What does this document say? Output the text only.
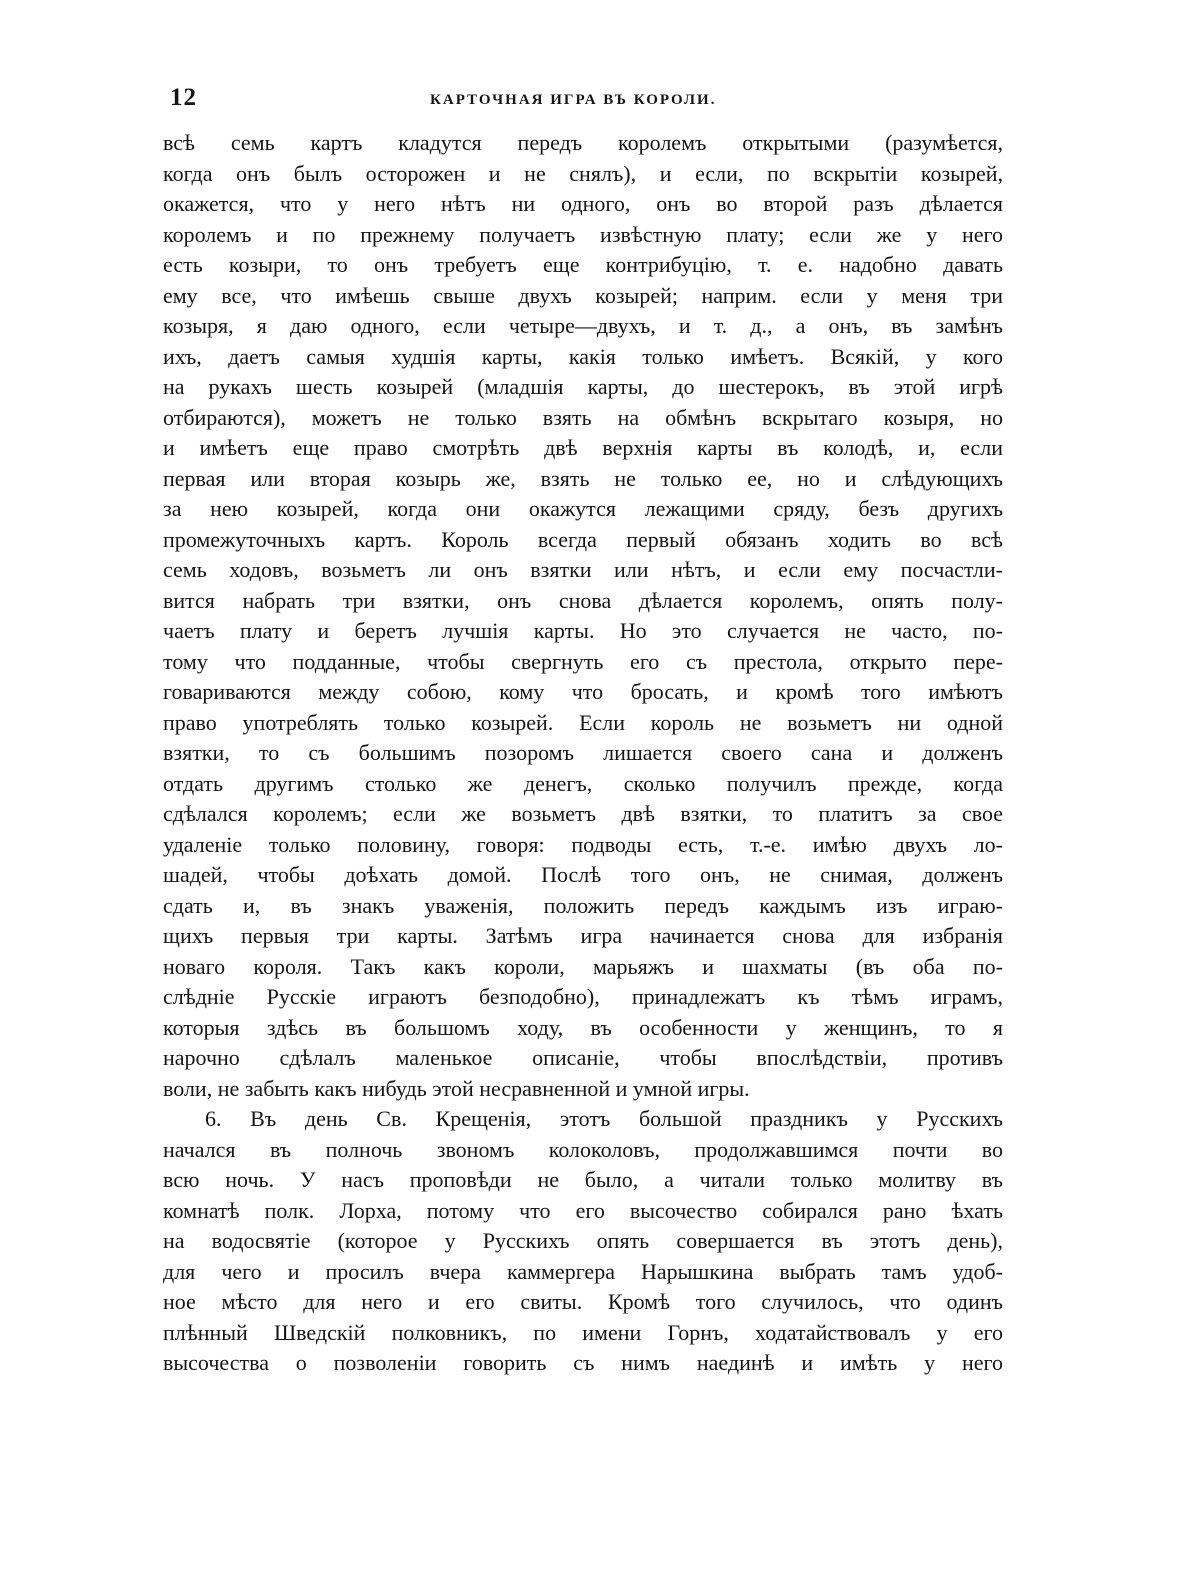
12	КАРТОЧНАЯ ИГРА ВЪ КОРОЛИ.
всѣ семь картъ кладутся передъ королемъ открытыми (разумѣется,
когда онъ былъ осторожен и не снялъ), и если, по вскрытіи козырей,
окажется, что у него нѣтъ ни одного, онъ во второй разъ дѣлается
королемъ и по прежнему получаетъ извѣстную плату; если же у него
есть козыри, то онъ требуетъ еще контрибуцію, т. е. надобно давать
ему все, что имѣешь свыше двухъ козырей; наприм. если у меня три
козыря, я даю одного, если четыре—двухъ, и т. д., а онъ, въ замѣнъ
ихъ, даетъ самыя худшія карты, какія только имѣетъ. Всякій, у кого
на рукахъ шесть козырей (младшія карты, до шестерокъ, въ этой игрѣ
отбираются), можетъ не только взять на обмѣнъ вскрытаго козыря, но
и имѣетъ еще право смотрѣть двѣ верхнія карты въ колодѣ, и, если
первая или вторая козырь же, взять не только ее, но и слѣдующихъ
за нею козырей, когда они окажутся лежащими сряду, безъ другихъ
промежуточныхъ картъ. Король всегда первый обязанъ ходить во всѣ
семь ходовъ, возьметъ ли онъ взятки или нѣтъ, и если ему посчастли-
вится набрать три взятки, онъ снова дѣлается королемъ, опять полу-
чаетъ плату и беретъ лучшія карты. Но это случается не часто, по-
тому что подданные, чтобы свергнуть его съ престола, открыто пере-
говариваются между собою, кому что бросать, и кромѣ того имѣютъ
право употреблять только козырей. Если король не возьметъ ни одной
взятки, то съ большимъ позоромъ лишается своего сана и долженъ
отдать другимъ столько же денегъ, сколько получилъ прежде, когда
сдѣлался королемъ; если же возьметъ двѣ взятки, то платитъ за свое
удаленіе только половину, говоря: подводы есть, т.-е. имѣю двухъ ло-
шадей, чтобы доѣхать домой. Послѣ того онъ, не снимая, долженъ
сдать и, въ знакъ уваженія, положить передъ каждымъ изъ играю-
щихъ первыя три карты. Затѣмъ игра начинается снова для избранія
новаго короля. Такъ какъ короли, марьяжъ и шахматы (въ оба по-
слѣдніе Русскіе играютъ безподобно), принадлежатъ къ тѣмъ играмъ,
которыя здѣсь въ большомъ ходу, въ особенности у женщинъ, то я
нарочно сдѣлалъ маленькое описаніе, чтобы впослѣдствіи, противъ
воли, не забыть какъ нибудь этой несравненной и умной игры.
6. Въ день Св. Крещенія, этотъ большой праздникъ у Русскихъ
начался въ полночь звономъ колоколовъ, продолжавшимся почти во
всю ночь. У насъ проповѣди не было, а читали только молитву въ
комнатѣ полк. Лорха, потому что его высочество собирался рано ѣхать
на водосвятіе (которое у Русскихъ опять совершается въ этотъ день),
для чего и просилъ вчера каммергера Нарышкина выбрать тамъ удоб-
ное мѣсто для него и его свиты. Кромѣ того случилось, что одинъ
плѣнный Шведскій полковникъ, по имени Горнъ, ходатайствовалъ у его
высочества о позволеніи говорить съ нимъ наединѣ и имѣть у него
